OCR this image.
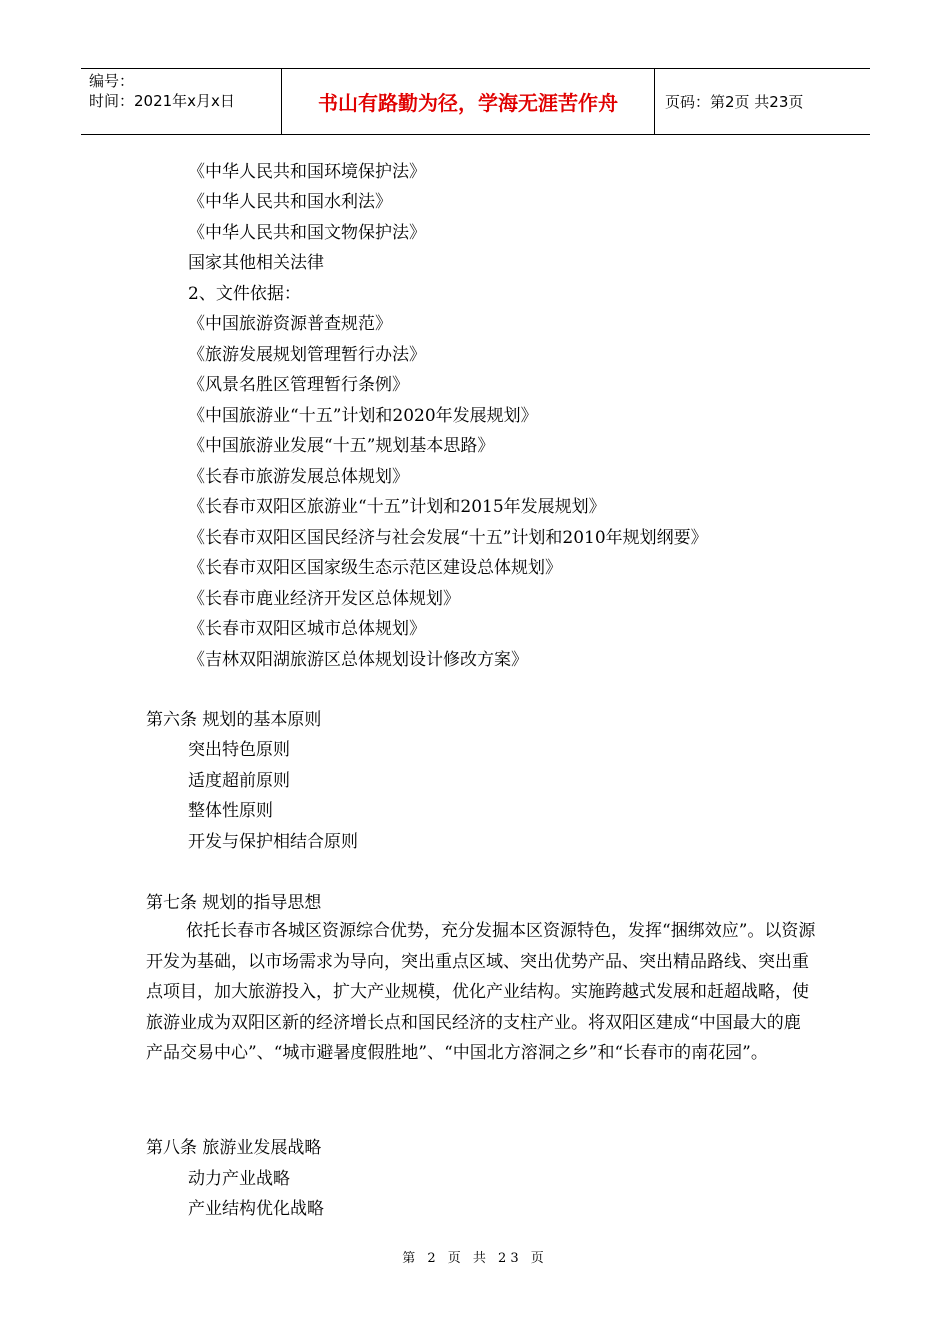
编号：
时间：2021年x月x日	书山有路勤为径，学海无涯苦作舟	页码：第2页 共23页
《中华人民共和国环境保护法》
《中华人民共和国水利法》
《中华人民共和国文物保护法》
国家其他相关法律
2、文件依据：
《中国旅游资源普查规范》
《旅游发展规划管理暂行办法》
《风景名胜区管理暂行条例》
《中国旅游业“十五”计划和2020年发展规划》
《中国旅游业发展“十五”规划基本思路》
《长春市旅游发展总体规划》
《长春市双阳区旅游业“十五”计划和2015年发展规划》
《长春市双阳区国民经济与社会发展“十五”计划和2010年规划纲要》
《长春市双阳区国家级生态示范区建设总体规划》
《长春市鹿业经济开发区总体规划》
《长春市双阳区城市总体规划》
《吉林双阳湖旅游区总体规划设计修改方案》
第六条 规划的基本原则
突出特色原则
适度超前原则
整体性原则
开发与保护相结合原则
第七条 规划的指导思想
依托长春市各城区资源综合优势，充分发掘本区资源特色，发挥“捆绑效应”。以资源开发为基础，以市场需求为导向，突出重点区域、突出优势产品、突出精品路线、突出重点项目，加大旅游投入，扩大产业规模，优化产业结构。实施跨越式发展和赶超战略，使旅游业成为双阳区新的经济增长点和国民经济的支柱产业。将双阳区建成“中国最大的鹿产品交易中心”、“城市避暑度假胜地”、“中国北方溶洞之乡”和“长春市的南花园”。
第八条 旅游业发展战略
动力产业战略
产业结构优化战略
第 2 页 共 23 页
